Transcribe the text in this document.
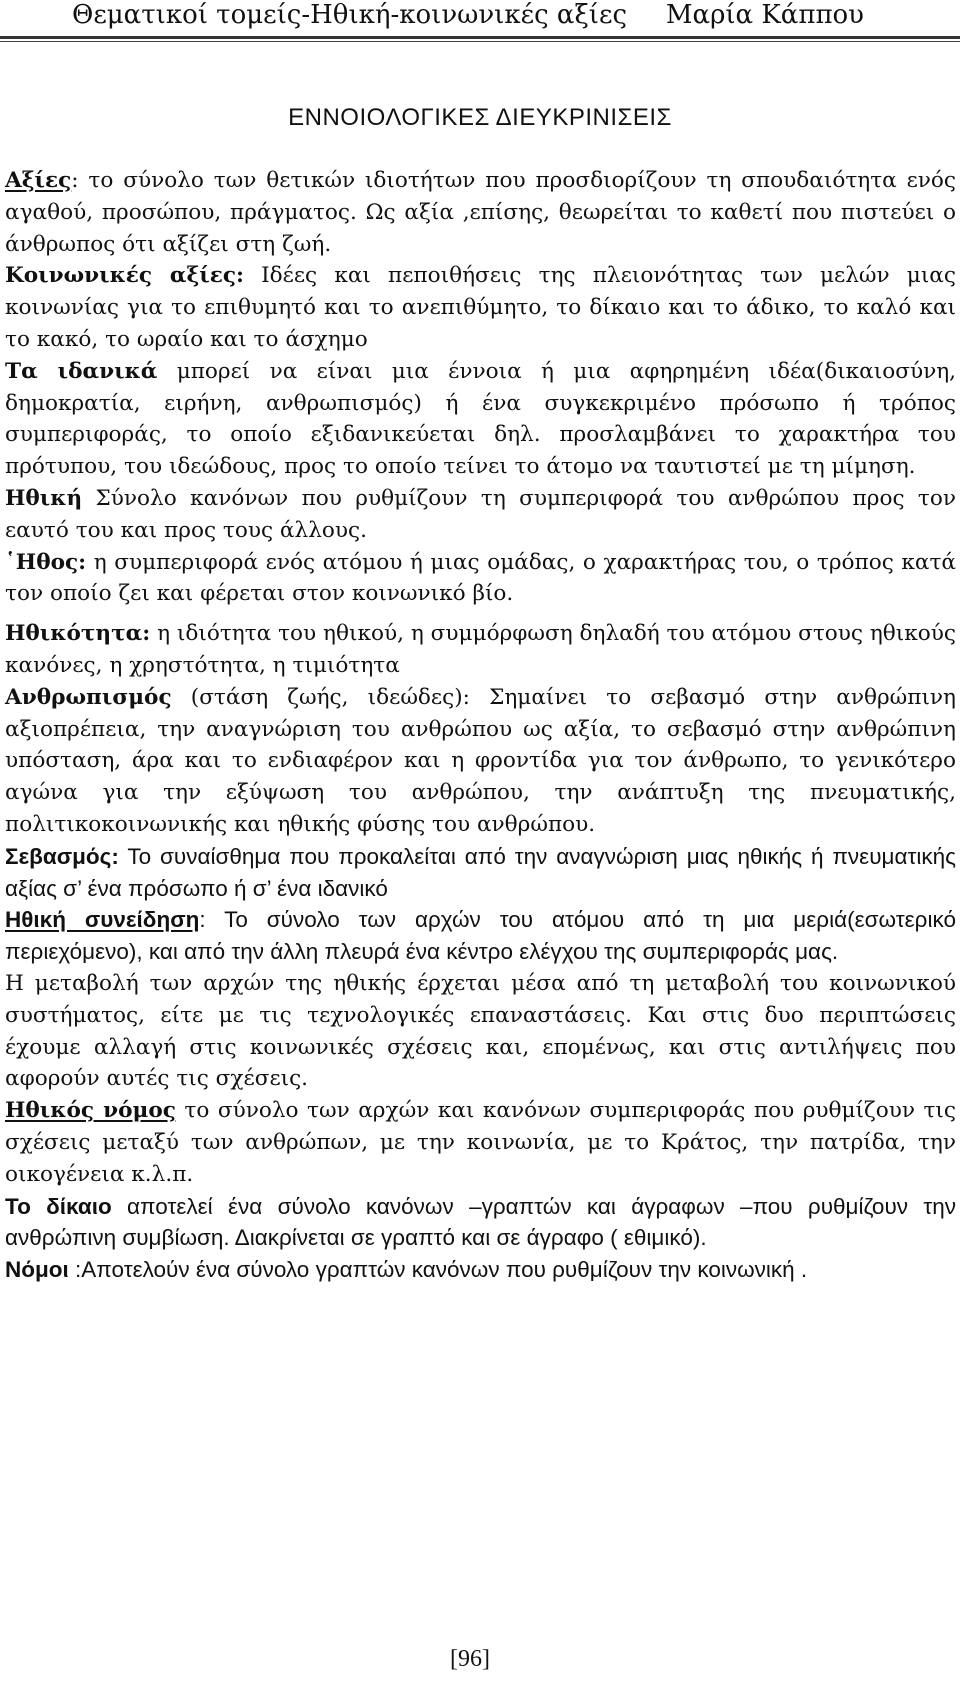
Θεματικοί τομείς-Ηθική-κοινωνικές αξίες Μαρία Κάππου
ΕΝΝΟΙΟΛΟΓΙΚΕΣ ΔΙΕΥΚΡΙΝΙΣΕΙΣ

Αξίες: το σύνολο των θετικών ιδιοτήτων που προσδιορίζουν τη σπουδαιότητα ενός αγαθού, προσώπου, πράγματος. Ως αξία ,επίσης, θεωρείται το καθετί που πιστεύει ο άνθρωπος ότι αξίζει στη ζωή.

Κοινωνικές αξίες: Ιδέες και πεποιθήσεις της πλειονότητας των μελών μιας κοινωνίας για το επιθυμητό και το ανεπιθύμητο, το δίκαιο και το άδικο, το καλό και το κακό, το ωραίο και το άσχημο

Τα ιδανικά μπορεί να είναι μια έννοια ή μια αφηρημένη ιδέα(δικαιοσύνη, δημοκρατία, ειρήνη, ανθρωπισμός) ή ένα συγκεκριμένο πρόσωπο ή τρόπος συμπεριφοράς, το οποίο εξιδανικεύεται δηλ. προσλαμβάνει το χαρακτήρα του πρότυπου, του ιδεώδους, προς το οποίο τείνει το άτομο να ταυτιστεί με τη μίμηση.

Ηθική Σύνολο κανόνων που ρυθμίζουν τη συμπεριφορά του ανθρώπου προς τον εαυτό του και προς τους άλλους.

῾Ηθος: η συμπεριφορά ενός ατόμου ή μιας ομάδας, ο χαρακτήρας του, ο τρόπος κατά τον οποίο ζει και φέρεται στον κοινωνικό βίο.

Ηθικότητα: η ιδιότητα του ηθικού, η συμμόρφωση δηλαδή του ατόμου στους ηθικούς κανόνες, η χρηστότητα, η τιμιότητα

Ανθρωπισμός (στάση ζωής, ιδεώδες): Σημαίνει το σεβασμό στην ανθρώπινη αξιοπρέπεια, την αναγνώριση του ανθρώπου ως αξία, το σεβασμό στην ανθρώπινη υπόσταση, άρα και το ενδιαφέρον και η φροντίδα για τον άνθρωπο, το γενικότερο αγώνα για την εξύψωση του ανθρώπου, την ανάπτυξη της πνευματικής, πολιτικοκοινωνικής και ηθικής φύσης του ανθρώπου.

Σεβασμός: Το συναίσθημα που προκαλείται από την αναγνώριση μιας ηθικής ή πνευματικής αξίας σ’ ένα πρόσωπο ή σ’ ένα ιδανικό

Ηθική συνείδηση: Το σύνολο των αρχών του ατόμου από τη μια μεριά(εσωτερικό περιεχόμενο), και από την άλλη πλευρά ένα κέντρο ελέγχου της συμπεριφοράς μας.

Η μεταβολή των αρχών της ηθικής έρχεται μέσα από τη μεταβολή του κοινωνικού συστήματος, είτε με τις τεχνολογικές επαναστάσεις. Και στις δυο περιπτώσεις έχουμε αλλαγή στις κοινωνικές σχέσεις και, επομένως, και στις αντιλήψεις που αφορούν αυτές τις σχέσεις.

Ηθικός νόμος το σύνολο των αρχών και κανόνων συμπεριφοράς που ρυθμίζουν τις σχέσεις μεταξύ των ανθρώπων, με την κοινωνία, με το Κράτος, την πατρίδα, την οικογένεια κ.λ.π.

Το δίκαιο αποτελεί ένα σύνολο κανόνων –γραπτών και άγραφων –που ρυθμίζουν την ανθρώπινη συμβίωση. Διακρίνεται σε γραπτό και σε άγραφο ( εθιμικό).

Νόμοι :Αποτελούν ένα σύνολο γραπτών κανόνων που ρυθμίζουν την κοινωνική .

[96]
